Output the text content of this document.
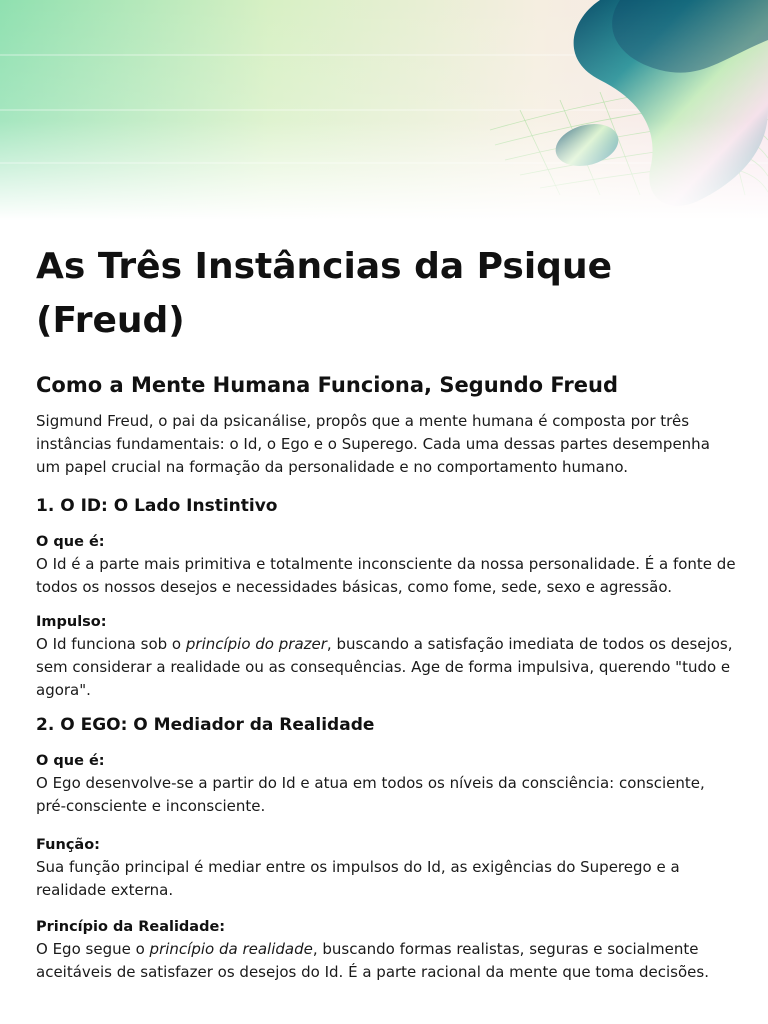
As Três Instâncias da Psique
(Freud)
Como a Mente Humana Funciona, Segundo Freud

Sigmund Freud, o pai da psicanálise, propôs que a mente humana é composta por três instâncias fundamentais: o Id, o Ego e o Superego. Cada uma dessas partes desempenha um papel crucial na formação da personalidade e no comportamento humano.

1. O ID: O Lado Instintivo
O que é:

O Id é a parte mais primitiva e totalmente inconsciente da nossa personalidade. É a fonte de todos os nossos desejos e necessidades básicas, como fome, sede, sexo e agressão.

Impulso:

O Id funciona sob o princípio do prazer, buscando a satisfação imediata de todos os desejos, sem considerar a realidade ou as consequências. Age de forma impulsiva, querendo "tudo e agora".

2. O EGO: O Mediador da Realidade
O que é:

O Ego desenvolve-se a partir do Id e atua em todos os níveis da consciência: consciente, pré-consciente e inconsciente.

Função:

Sua função principal é mediar entre os impulsos do Id, as exigências do Superego e a realidade externa.

Princípio da Realidade:

O Ego segue o princípio da realidade, buscando formas realistas, seguras e socialmente aceitáveis de satisfazer os desejos do Id. É a parte racional da mente que toma decisões.
